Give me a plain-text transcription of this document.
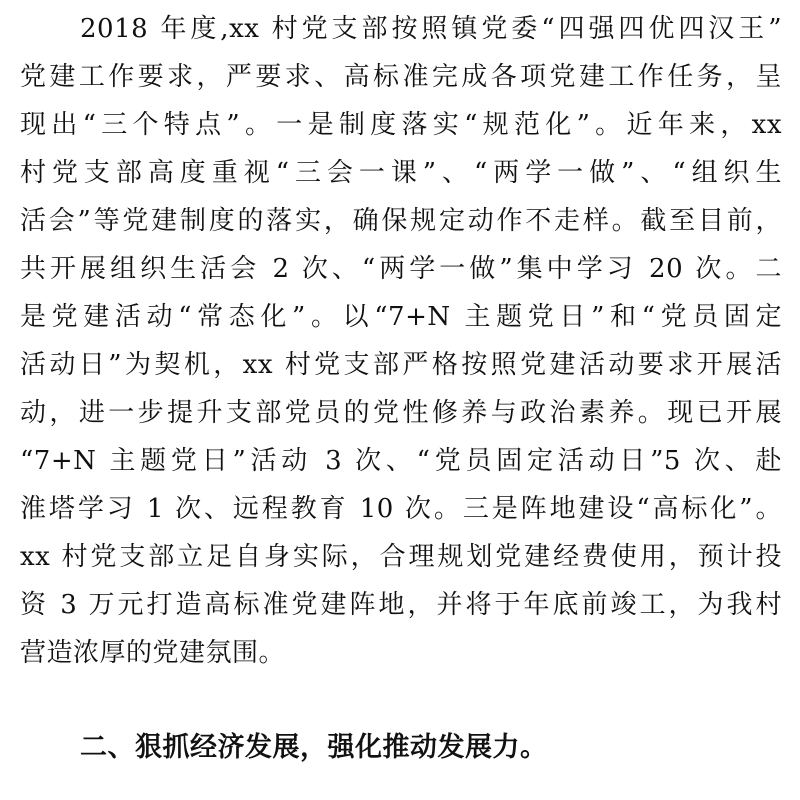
2018 年度,xx 村党支部按照镇党委“四强四优四汉王”
党建工作要求，严要求、高标准完成各项党建工作任务，呈
现出“三个特点”。一是制度落实“规范化”。近年来，xx
村党支部高度重视“三会一课”、“两学一做”、“组织生
活会”等党建制度的落实，确保规定动作不走样。截至目前，
共开展组织生活会 2 次、“两学一做”集中学习 20 次。二
是党建活动“常态化”。以“7+N 主题党日”和“党员固定
活动日”为契机，xx 村党支部严格按照党建活动要求开展活
动，进一步提升支部党员的党性修养与政治素养。现已开展
“7+N 主题党日”活动 3 次、“党员固定活动日”5 次、赴
淮塔学习 1 次、远程教育 10 次。三是阵地建设“高标化”。
xx 村党支部立足自身实际，合理规划党建经费使用，预计投
资 3 万元打造高标准党建阵地，并将于年底前竣工，为我村
营造浓厚的党建氛围。
二、狠抓经济发展，强化推动发展力。
